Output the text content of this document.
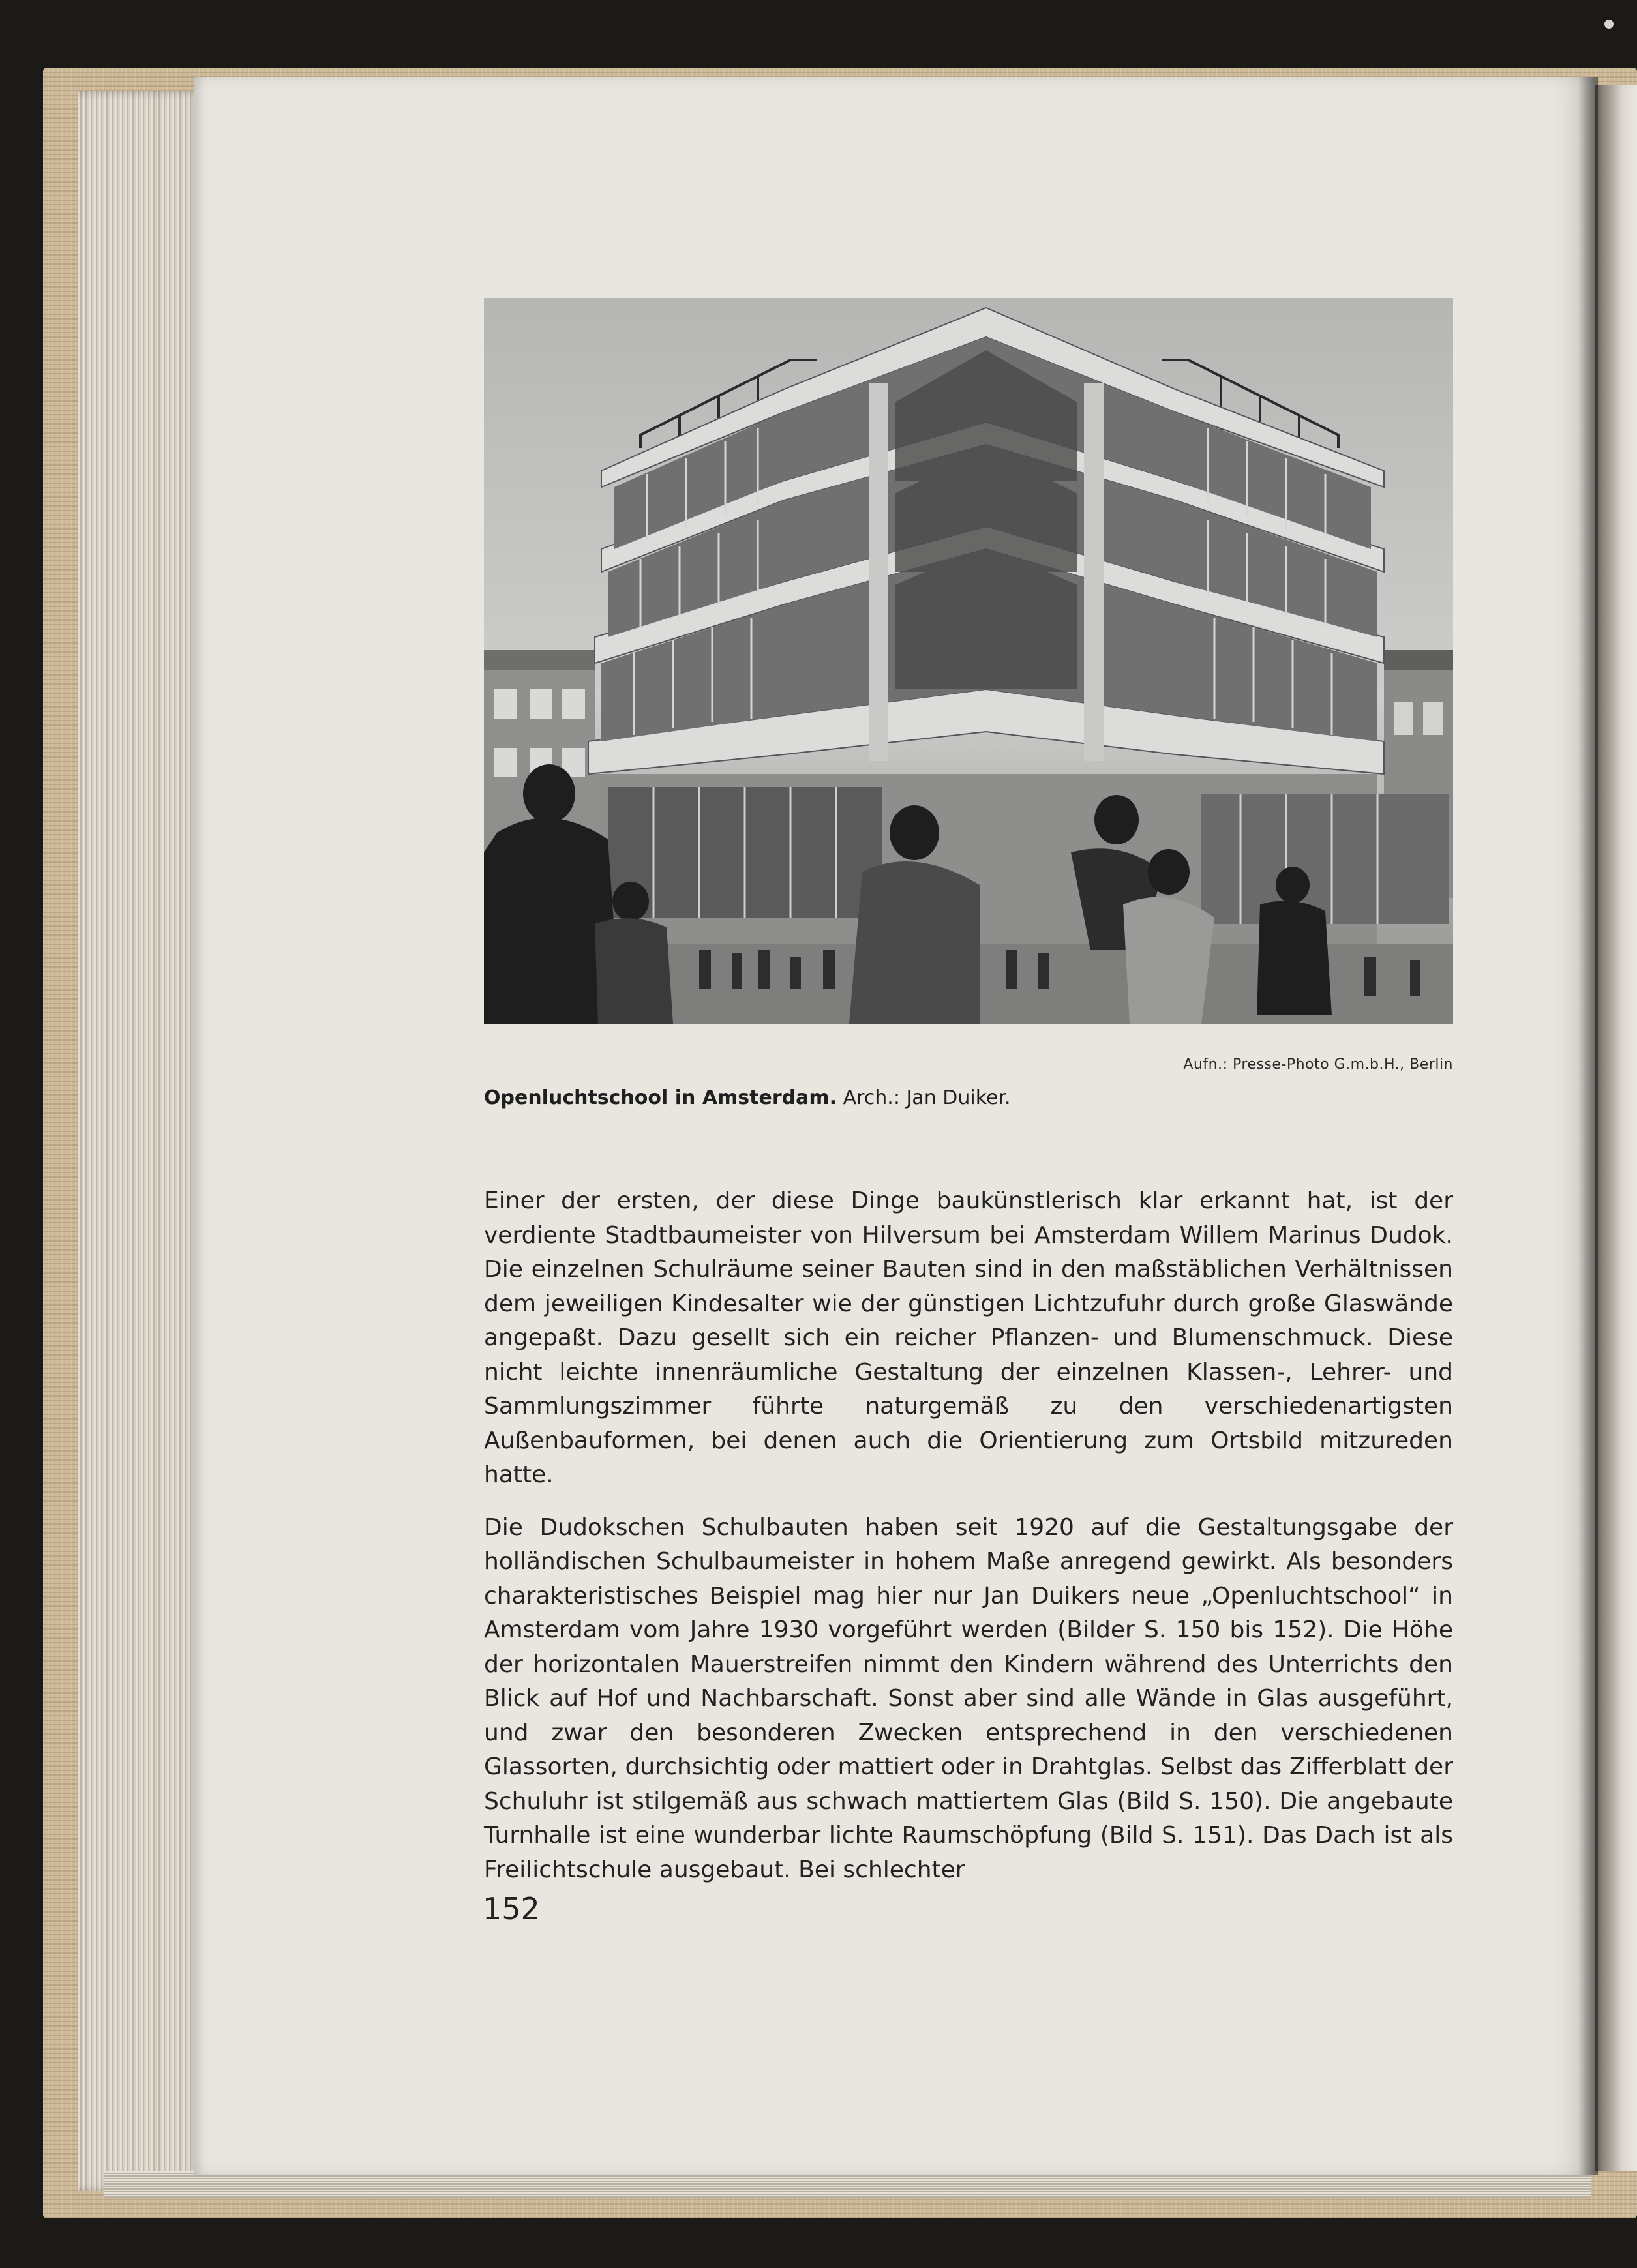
Aufn.: Presse-Photo G.m.b.H., Berlin
Openluchtschool in Amsterdam. Arch.: Jan Duiker.

Einer der ersten, der diese Dinge baukünstlerisch klar erkannt hat, ist der verdiente Stadtbaumeister von Hilversum bei Amsterdam Willem Marinus Dudok. Die einzelnen Schulräume seiner Bauten sind in den maßstäblichen Verhältnissen dem jeweiligen Kindesalter wie der günstigen Lichtzufuhr durch große Glaswände angepaßt. Dazu gesellt sich ein reicher Pflanzen- und Blumenschmuck. Diese nicht leichte innenräumliche Gestaltung der einzelnen Klassen-, Lehrer- und Sammlungszimmer führte naturgemäß zu den verschiedenartigsten Außenbauformen, bei denen auch die Orientierung zum Ortsbild mitzureden hatte.

Die Dudokschen Schulbauten haben seit 1920 auf die Gestaltungsgabe der holländischen Schulbaumeister in hohem Maße anregend gewirkt. Als besonders charakteristisches Beispiel mag hier nur Jan Duikers neue „Openluchtschool“ in Amsterdam vom Jahre 1930 vorgeführt werden (Bilder S. 150 bis 152). Die Höhe der horizontalen Mauerstreifen nimmt den Kindern während des Unterrichts den Blick auf Hof und Nachbarschaft. Sonst aber sind alle Wände in Glas ausgeführt, und zwar den besonderen Zwecken entsprechend in den verschiedenen Glassorten, durchsichtig oder mattiert oder in Drahtglas. Selbst das Zifferblatt der Schuluhr ist stilgemäß aus schwach mattiertem Glas (Bild S. 150). Die angebaute Turnhalle ist eine wunderbar lichte Raumschöpfung (Bild S. 151). Das Dach ist als Freilichtschule ausgebaut. Bei schlechter

152
